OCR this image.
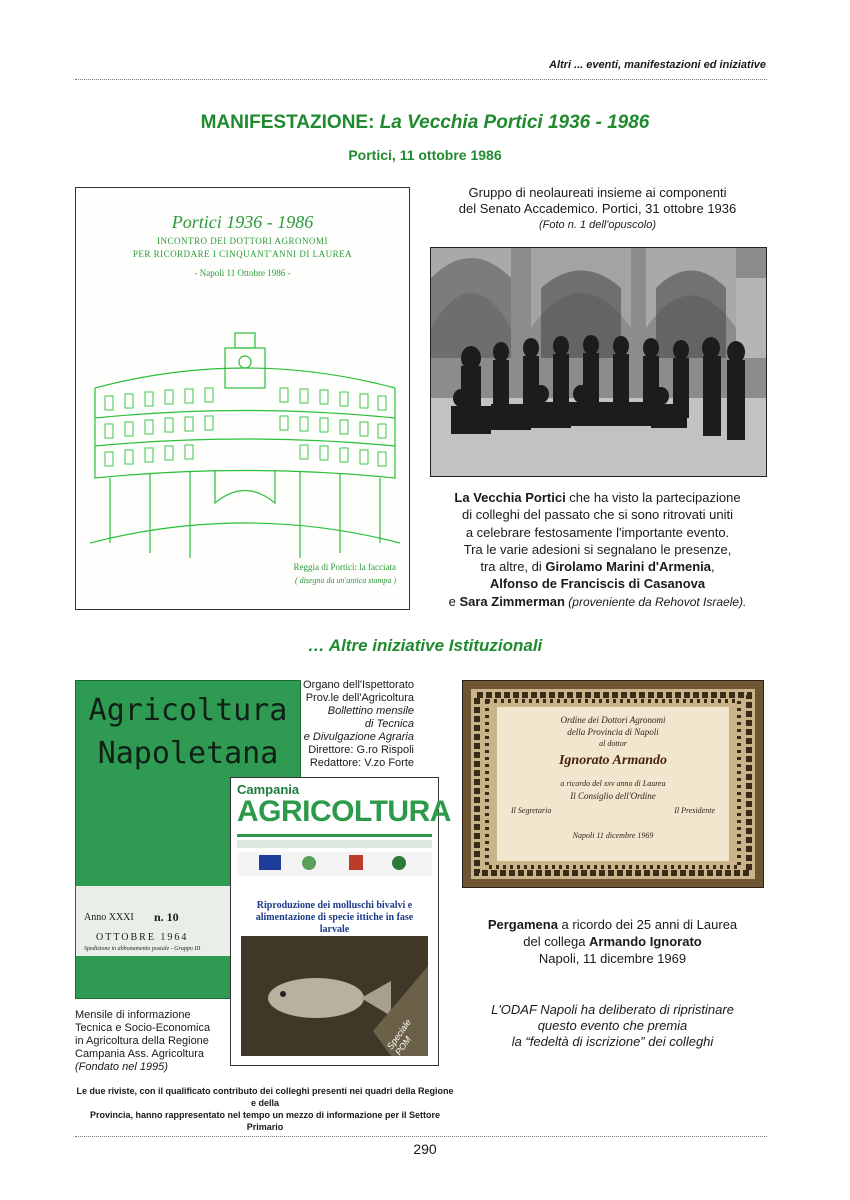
Altri ... eventi, manifestazioni ed iniziative
MANIFESTAZIONE: La Vecchia Portici 1936 - 1986
Portici, 11 ottobre 1986
Portici 1936 - 1986
INCONTRO DEI DOTTORI AGRONOMI
PER RICORDARE I CINQUANT'ANNI DI LAUREA
- Napoli 11 Ottobre 1986 -
Reggia di Portici: la facciata
( disegno da un'antica stampa )
Gruppo di neolaureati insieme ai componenti
del Senato Accademico. Portici, 31 ottobre 1936
(Foto n. 1 dell'opuscolo)
La Vecchia Portici che ha visto la partecipazione
di colleghi del passato che si sono ritrovati uniti
a celebrare festosamente l'importante evento.
Tra le varie adesioni si segnalano le presenze,
tra altre, di Girolamo Marini d'Armenia,
Alfonso de Franciscis di Casanova
e Sara Zimmerman (proveniente da Rehovot Israele).
… Altre iniziative Istituzionali
Agricoltura
Napoletana
Anno XXXI n. 10
OTTOBRE 1964
Spedizione in abbonamento postale - Gruppo III
Organo dell'Ispettorato
Prov.le dell'Agricoltura
Bollettino mensile
di Tecnica
e Divulgazione Agraria
Direttore: G.ro Rispoli
Redattore: V.zo Forte
Campania
AGRICOLTURA
Riproduzione dei molluschi bivalvi e alimentazione di specie ittiche in fase larvale
Speciale POM
Mensile di informazione
Tecnica e Socio-Economica
in Agricoltura della Regione
Campania Ass. Agricoltura
(Fondato nel 1995)
Le due riviste, con il qualificato contributo dei colleghi presenti nei quadri della Regione e della
Provincia, hanno rappresentato nel tempo un mezzo di informazione per il Settore Primario
Ordine dei Dottori Agronomi
della Provincia di Napoli
al dottor
Ignorato Armando
a ricordo del xxv anno di Laurea
Il Consiglio dell'Ordine
Il Segretario	Il Presidente
Napoli 11 dicembre 1969
Pergamena a ricordo dei 25 anni di Laurea
del collega Armando Ignorato
Napoli, 11 dicembre 1969
L'ODAF Napoli ha deliberato di ripristinare
questo evento che premia
la “fedeltà di iscrizione” dei colleghi
290
